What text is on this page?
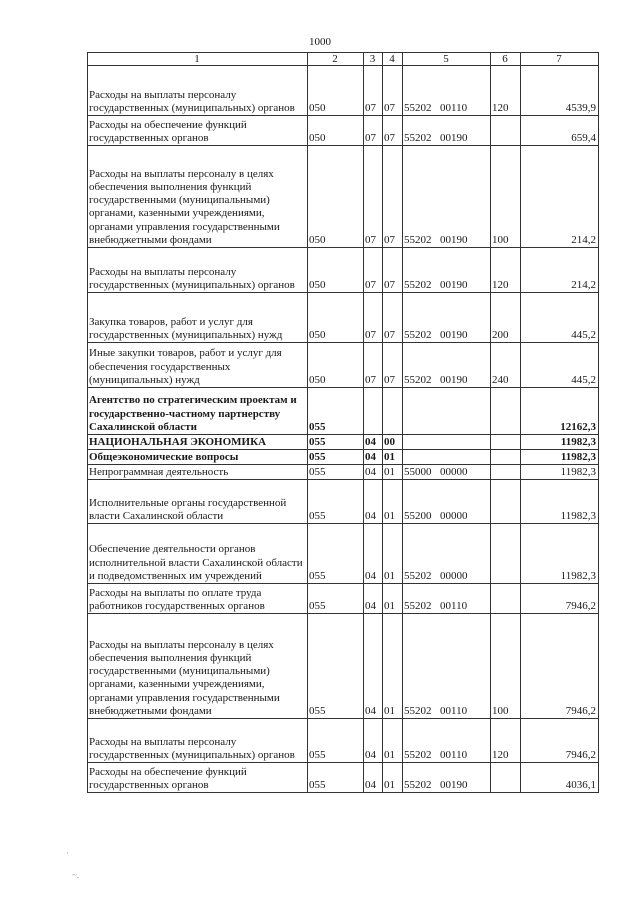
1000
1	2	3	4	5	6	7
Расходы на выплаты персоналу государственных (муниципальных) органов	050	07	07	55202 00110	120	4539,9
Расходы на обеспечение функций государственных органов	050	07	07	55202 00190		659,4
Расходы на выплаты персоналу в целях обеспечения выполнения функций государственными (муниципальными) органами, казенными учреждениями, органами управления государственными внебюджетными фондами	050	07	07	55202 00190	100	214,2
Расходы на выплаты персоналу государственных (муниципальных) органов	050	07	07	55202 00190	120	214,2
Закупка товаров, работ и услуг для государственных (муниципальных) нужд	050	07	07	55202 00190	200	445,2
Иные закупки товаров, работ и услуг для обеспечения государственных (муниципальных) нужд	050	07	07	55202 00190	240	445,2
Агентство по стратегическим проектам и государственно-частному партнерству Сахалинской области	055					12162,3
НАЦИОНАЛЬНАЯ ЭКОНОМИКА	055	04	00			11982,3
Общеэкономические вопросы	055	04	01			11982,3
Непрограммная деятельность	055	04	01	55000 00000		11982,3
Исполнительные органы государственной власти Сахалинской области	055	04	01	55200 00000		11982,3
Обеспечение деятельности органов исполнительной власти Сахалинской области и подведомственных им учреждений	055	04	01	55202 00000		11982,3
Расходы на выплаты по оплате труда работников государственных органов	055	04	01	55202 00110		7946,2
Расходы на выплаты персоналу в целях обеспечения выполнения функций государственными (муниципальными) органами, казенными учреждениями, органами управления государственными внебюджетными фондами	055	04	01	55202 00110	100	7946,2
Расходы на выплаты персоналу государственных (муниципальных) органов	055	04	01	55202 00110	120	7946,2
Расходы на обеспечение функций государственных органов	055	04	01	55202 00190		4036,1
·
~.
